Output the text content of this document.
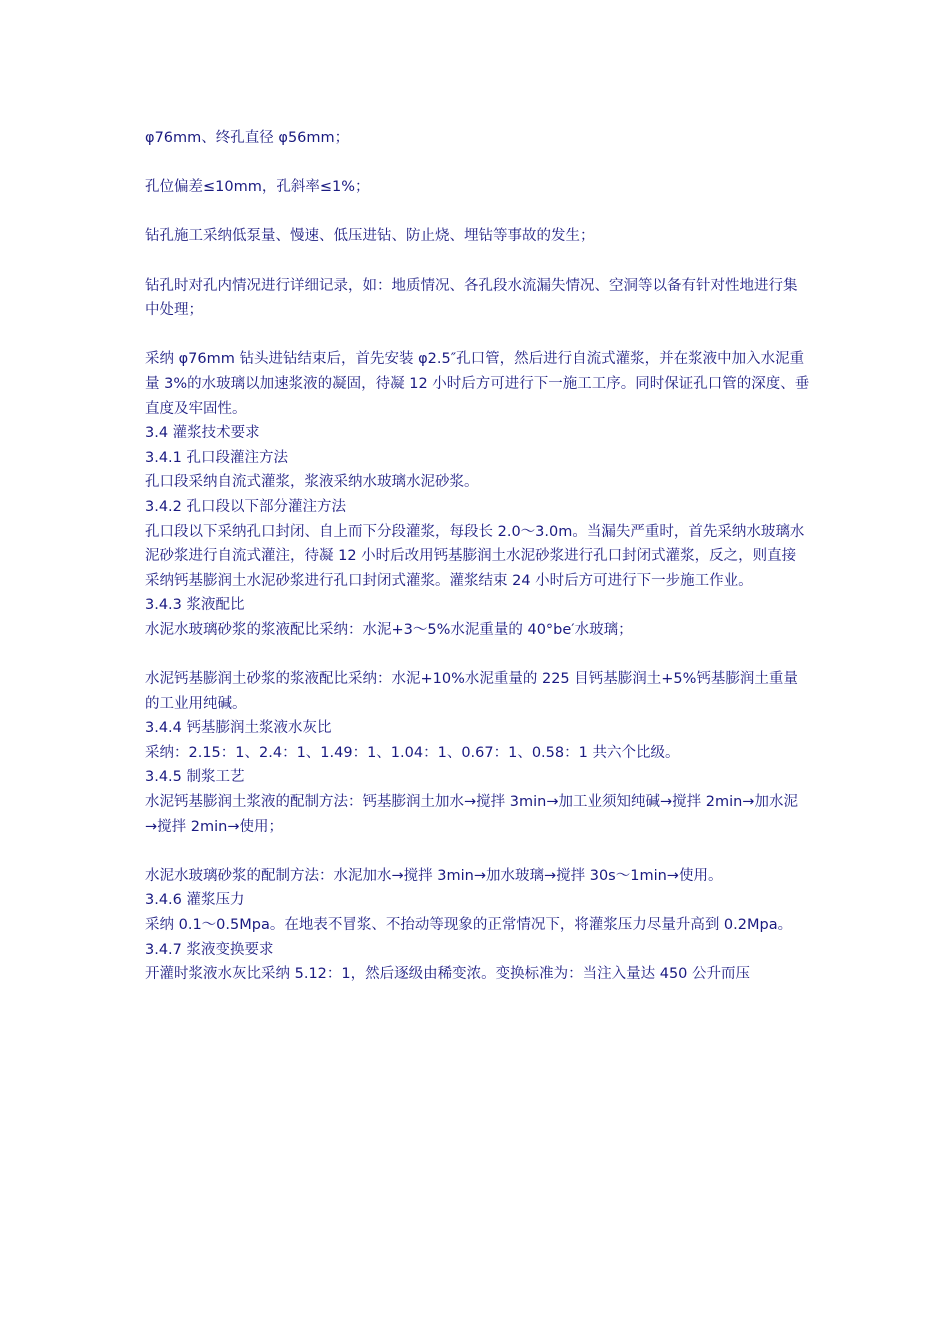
φ76mm、终孔直径 φ56mm；

孔位偏差≤10mm，孔斜率≤1%；

钻孔施工采纳低泵量、慢速、低压进钻、防止烧、埋钻等事故的发生；

钻孔时对孔内情况进行详细记录，如：地质情况、各孔段水流漏失情况、空洞等以备有针对性地进行集中处理；

采纳 φ76mm 钻头进钻结束后，首先安装 φ2.5″孔口管，然后进行自流式灌浆，并在浆液中加入水泥重量 3%的水玻璃以加速浆液的凝固，待凝 12 小时后方可进行下一施工工序。同时保证孔口管的深度、垂直度及牢固性。

3.4 灌浆技术要求

3.4.1 孔口段灌注方法

孔口段采纳自流式灌浆，浆液采纳水玻璃水泥砂浆。

3.4.2 孔口段以下部分灌注方法

孔口段以下采纳孔口封闭、自上而下分段灌浆，每段长 2.0～3.0m。当漏失严重时，首先采纳水玻璃水泥砂浆进行自流式灌注，待凝 12 小时后改用钙基膨润土水泥砂浆进行孔口封闭式灌浆，反之，则直接采纳钙基膨润土水泥砂浆进行孔口封闭式灌浆。灌浆结束 24 小时后方可进行下一步施工作业。

3.4.3 浆液配比

水泥水玻璃砂浆的浆液配比采纳：水泥+3～5%水泥重量的 40°be′水玻璃；

水泥钙基膨润土砂浆的浆液配比采纳：水泥+10%水泥重量的 225 目钙基膨润土+5%钙基膨润土重量的工业用纯碱。

3.4.4 钙基膨润土浆液水灰比

采纳：2.15：1、2.4：1、1.49：1、1.04：1、0.67：1、0.58：1 共六个比级。

3.4.5 制浆工艺

水泥钙基膨润土浆液的配制方法：钙基膨润土加水→搅拌 3min→加工业须知纯碱→搅拌 2min→加水泥→搅拌 2min→使用；

水泥水玻璃砂浆的配制方法：水泥加水→搅拌 3min→加水玻璃→搅拌 30s～1min→使用。

3.4.6 灌浆压力

采纳 0.1～0.5Mpa。在地表不冒浆、不抬动等现象的正常情况下，将灌浆压力尽量升高到 0.2Mpa。

3.4.7 浆液变换要求

开灌时浆液水灰比采纳 5.12：1，然后逐级由稀变浓。变换标准为：当注入量达 450 公升而压
